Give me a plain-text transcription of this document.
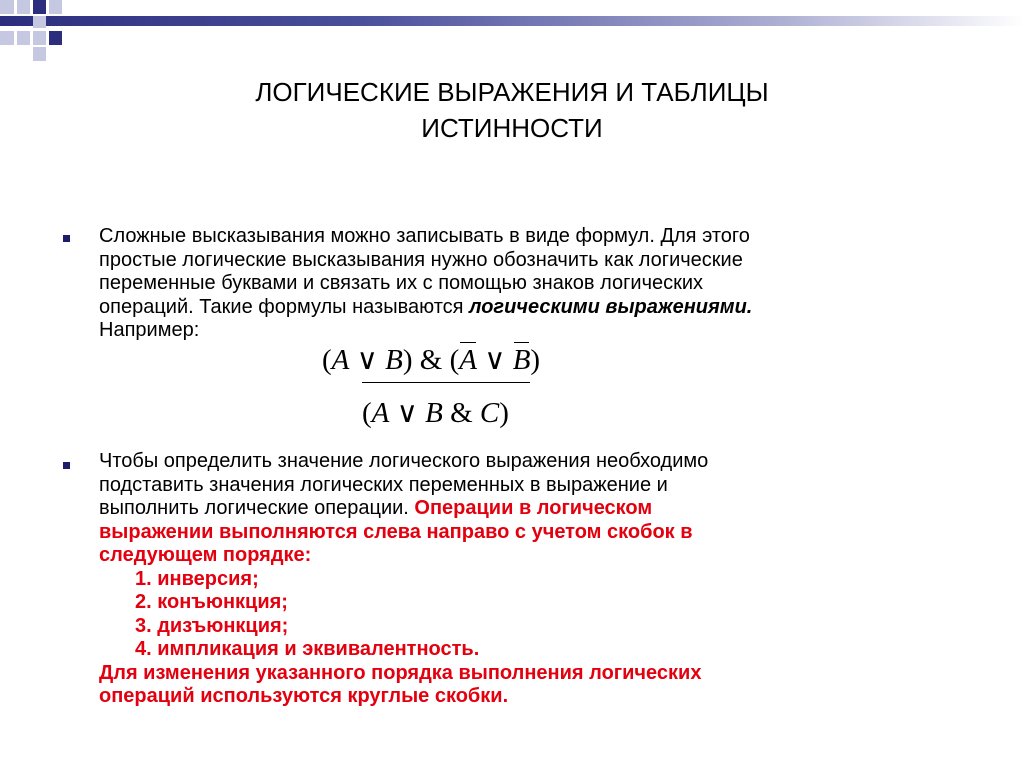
ЛОГИЧЕСКИЕ ВЫРАЖЕНИЯ И ТАБЛИЦЫ
ИСТИННОСТИ
Сложные высказывания можно записывать в виде формул. Для этого
простые логические высказывания нужно обозначить как логические
переменные буквами и связать их с помощью знаков логических
операций. Такие формулы называются логическими выражениями.
Например:
(A ∨ B) & (A ∨ B)
(A ∨ B & C)
Чтобы определить значение логического выражения необходимо
подставить значения логических переменных в выражение и
выполнить логические операции. Операции в логическом
выражении выполняются слева направо с учетом скобок в
следующем порядке:
1. инверсия;
2. конъюнкция;
3. дизъюнкция;
4. импликация и эквивалентность.
Для изменения указанного порядка выполнения логических
операций используются круглые скобки.
